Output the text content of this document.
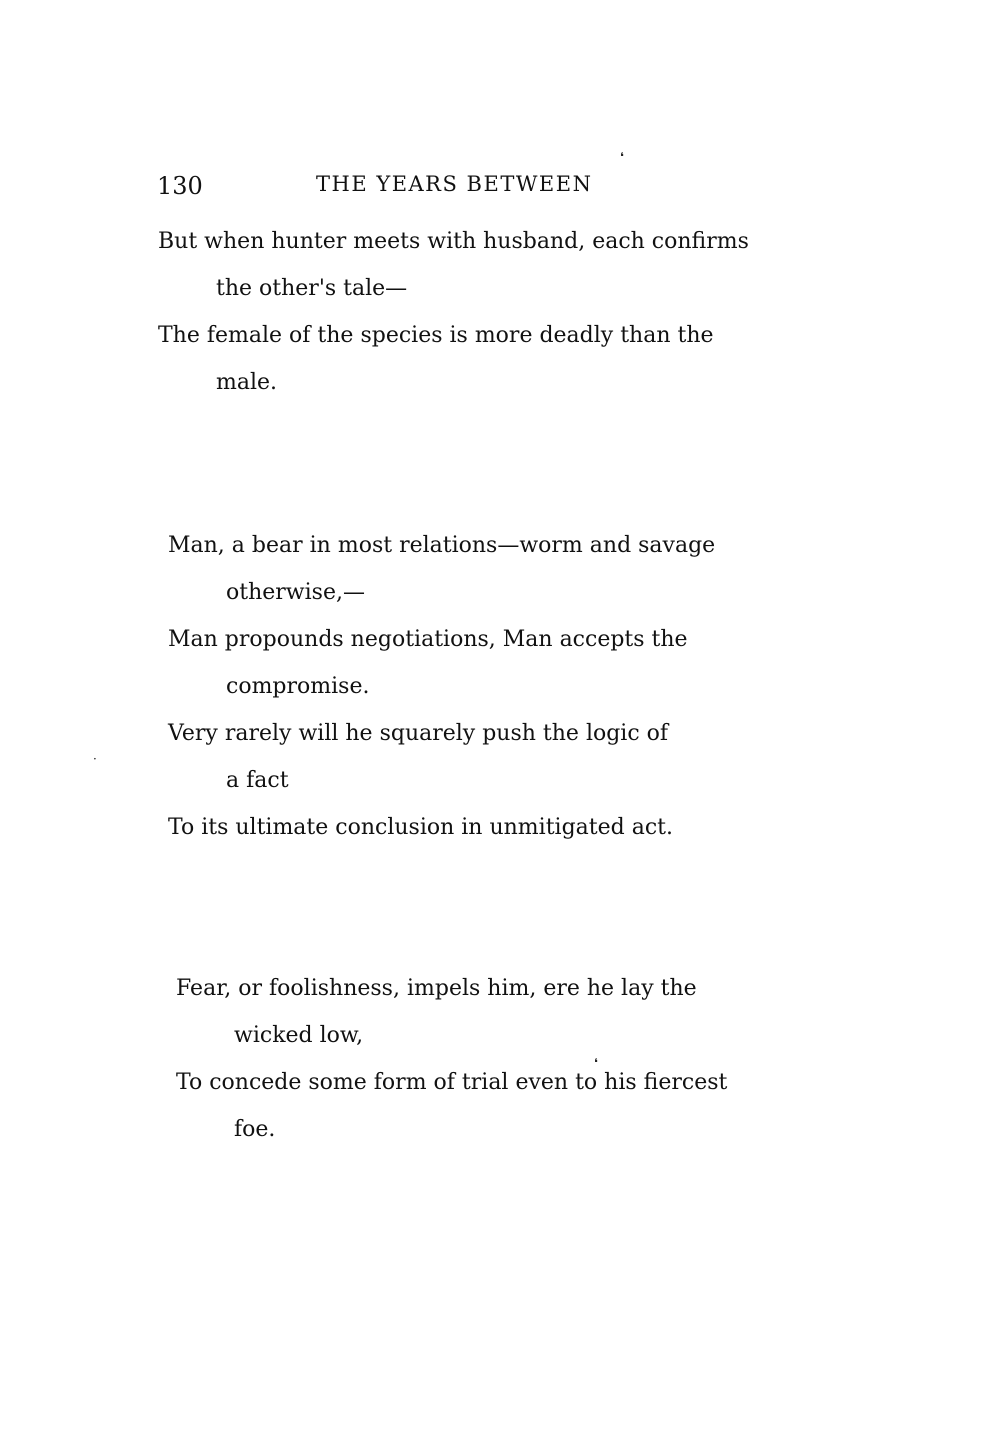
130	THE YEARS BETWEEN
But when hunter meets with husband, each confirms
the other's tale—
The female of the species is more deadly than the
male.
Man, a bear in most relations—worm and savage
otherwise,—
Man propounds negotiations, Man accepts the
compromise.
Very rarely will he squarely push the logic of
a fact
To its ultimate conclusion in unmitigated act.
Fear, or foolishness, impels him, ere he lay the
wicked low,
To concede some form of trial even to his fiercest
foe.
❛
·
❛
